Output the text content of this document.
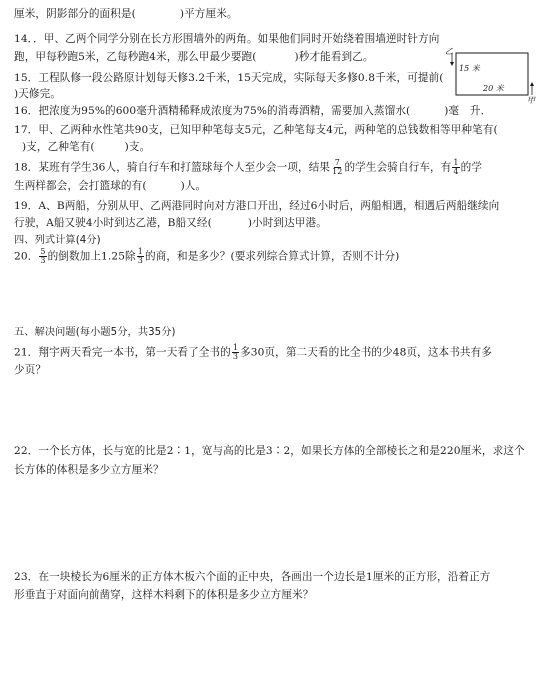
厘米，阴影部分的面积是(	)平方厘米。
14．．甲、乙两个同学分别在长方形围墙外的两角。如果他们同时开始绕着围墙逆时针方向
跑，甲每秒跑5米，乙每秒跑4米，那么甲最少要跑(	)秒才能看到乙。
15．工程队修一段公路原计划每天修3.2千米，15天完成，实际每天多修0.8千米，可提前(
)天修完。
16．把浓度为95%的600毫升酒精稀释成浓度为75%的消毒酒精，需要加入蒸馏水(	)毫　升．
17．甲、乙两种水性笔共90支，已知甲种笔每支5元，乙种笔每支4元，两种笔的总钱数相等甲种笔有(
)支，乙种笔有(	)支。
18．某班有学生36人，骑自行车和打篮球每个人至少会一项，结果 $\frac{7}{12}$ 的学生会骑自行车，有 $\frac{1}{4}$ 的学
生两样都会，会打篮球的有(	)人。
19．A、B两船，分别从甲、乙两港同时向对方港口开出，经过6小时后，两船相遇，相遇后两船继续向
行驶，A船又驶4小时到达乙港，B船又经(	)小时到达甲港。
四、列式计算(4分)
20． $\frac{5}{3}$ 的倒数加上1.25除 $\frac{1}{3}$ 的商，和是多少？(要求列综合算式计算，否则不计分)
五、解决问题(每小题5分，共35分)
21．翔宇两天看完一本书，第一天看了全书的 $\frac{1}{3}$ 多30页，第二天看的比全书的少48页，这本书共有多
少页？
22．一个长方体，长与宽的比是2∶1，宽与高的比是3∶2，如果长方体的全部棱长之和是220厘米，求这个
长方体的体积是多少立方厘米？
23．在一块棱长为6厘米的正方体木板六个面的正中央，各画出一个边长是1厘米的正方形，沿着正方
形垂直于对面向前凿穿，这样木料剩下的体积是多少立方厘米？
乙
15 米
20 米
甲
